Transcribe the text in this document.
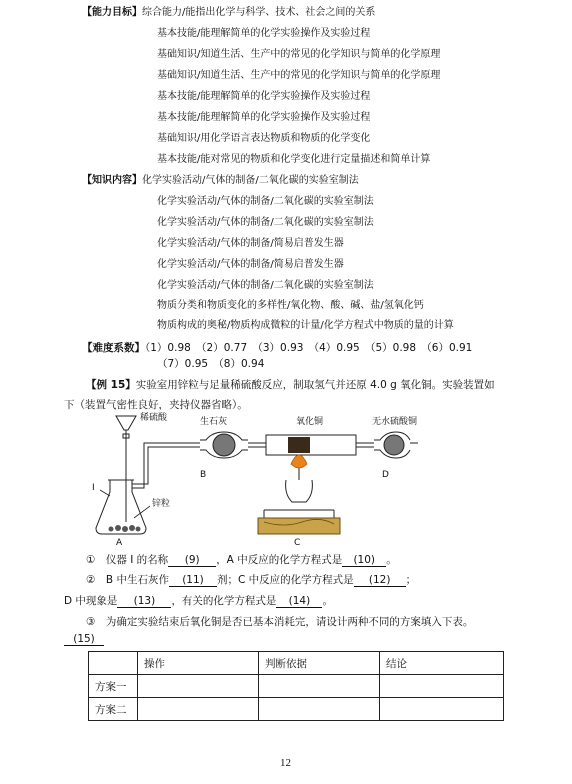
【能力目标】综合能力/能指出化学与科学、技术、社会之间的关系
基本技能/能理解简单的化学实验操作及实验过程
基础知识/知道生活、生产中的常见的化学知识与简单的化学原理
基础知识/知道生活、生产中的常见的化学知识与简单的化学原理
基本技能/能理解简单的化学实验操作及实验过程
基本技能/能理解简单的化学实验操作及实验过程
基础知识/用化学语言表达物质和物质的化学变化
基本技能/能对常见的物质和化学变化进行定量描述和简单计算
【知识内容】化学实验活动/气体的制备/二氧化碳的实验室制法
化学实验活动/气体的制备/二氧化碳的实验室制法
化学实验活动/气体的制备/二氧化碳的实验室制法
化学实验活动/气体的制备/简易启普发生器
化学实验活动/气体的制备/简易启普发生器
化学实验活动/气体的制备/二氧化碳的实验室制法
物质分类和物质变化的多样性/氧化物、酸、碱、盐/氢氧化钙
物质构成的奥秘/物质构成微粒的计量/化学方程式中物质的量的计算
【难度系数】（1）0.98　（2）0.77　（3）0.93　（4）0.95　（5）0.98　（6）0.91
（7）0.95　（8）0.94
【例 15】实验室用锌粒与足量稀硫酸反应，制取氢气并还原 4.0 g 氧化铜。实验装置如
下（装置气密性良好，夹持仪器省略）。
稀硫酸	生石灰	氧化铜	无水硫酸铜
I
锌粒
A
B
C
D
①　仪器 I 的名称 (9) ，A 中反应的化学方程式是 (10) 。
②　B 中生石灰作 (11) 剂；C 中反应的化学方程式是 (12) ；
D 中现象是 (13) ，有关的化学方程式是 (14) 。
③　为确定实验结束后氧化铜是否已基本消耗完，请设计两种不同的方案填入下表。
(15)
	操作	判断依据	结论
方案一			
方案二			
12
